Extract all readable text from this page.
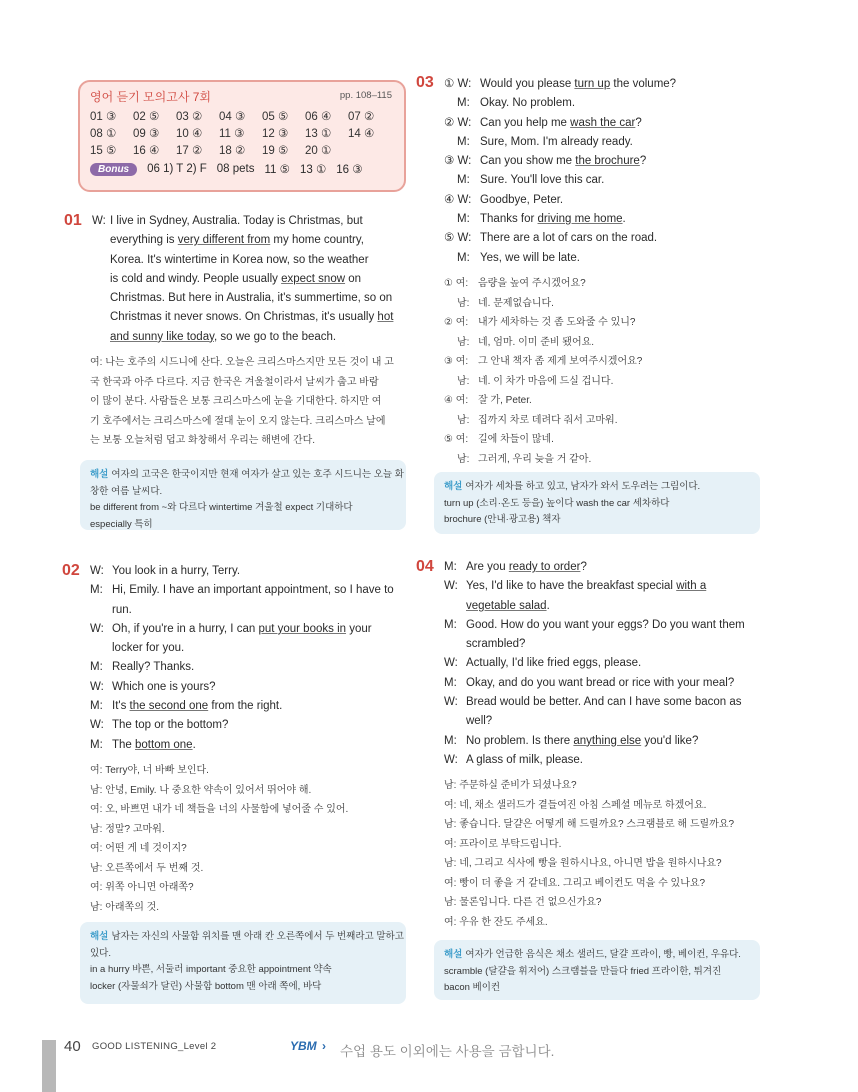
영어 듣기 모의고사 7회	pp. 108–115
01 ③	02 ⑤	03 ②	04 ③	05 ⑤	06 ④	07 ②
08 ①	09 ③	10 ④	11 ③	12 ③	13 ①	14 ④
15 ⑤	16 ④	17 ②	18 ②	19 ⑤	20 ①
Bonus	06 1) T 2) F 08 pets 11 ⑤ 13 ① 16 ③
01 W: I live in Sydney, Australia. Today is Christmas, but
everything is very different from my home country,
Korea. It's wintertime in Korea now, so the weather
is cold and windy. People usually expect snow on
Christmas. But here in Australia, it's summertime, so on
Christmas it never snows. On Christmas, it's usually hot
and sunny like today, so we go to the beach.
여: 나는 호주의 시드니에 산다. 오늘은 크리스마스지만 모든 것이 내 고
국 한국과 아주 다르다. 지금 한국은 겨울철이라서 날씨가 춥고 바람
이 많이 분다. 사람들은 보통 크리스마스에 눈을 기대한다. 하지만 여
기 호주에서는 크리스마스에 절대 눈이 오지 않는다. 크리스마스 날에
는 보통 오늘처럼 덥고 화창해서 우리는 해변에 간다.
해설 여자의 고국은 한국이지만 현재 여자가 살고 있는 호주 시드니는 오늘 화
창한 여름 날씨다.
be different from ~와 다르다 wintertime 겨울철 expect 기대하다
especially 특히
02 W: You look in a hurry, Terry.
M: Hi, Emily. I have an important appointment, so I have to
run.
W: Oh, if you're in a hurry, I can put your books in your
locker for you.
M: Really? Thanks.
W: Which one is yours?
M: It's the second one from the right.
W: The top or the bottom?
M: The bottom one.
여: Terry야, 너 바빠 보인다.
남: 안녕, Emily. 나 중요한 약속이 있어서 뛰어야 해.
여: 오, 바쁘면 내가 네 책들을 너의 사물함에 넣어줄 수 있어.
남: 정말? 고마워.
여: 어떤 게 네 것이지?
남: 오른쪽에서 두 번째 것.
여: 위쪽 아니면 아래쪽?
남: 아래쪽의 것.
해설 남자는 자신의 사물함 위치를 맨 아래 칸 오른쪽에서 두 번째라고 말하고
있다.
in a hurry 바쁜, 서둘러 important 중요한 appointment 약속
locker (자물쇠가 달린) 사물함 bottom 맨 아래 쪽에, 바닥
03 ① W: Would you please turn up the volume?
M: Okay. No problem.
② W: Can you help me wash the car?
M: Sure, Mom. I'm already ready.
③ W: Can you show me the brochure?
M: Sure. You'll love this car.
④ W: Goodbye, Peter.
M: Thanks for driving me home.
⑤ W: There are a lot of cars on the road.
M: Yes, we will be late.
① 여: 음량을 높여 주시겠어요?
남: 네. 문제없습니다.
② 여: 내가 세차하는 것 좀 도와줄 수 있니?
남: 네, 엄마. 이미 준비 됐어요.
③ 여: 그 안내 책자 좀 제게 보여주시겠어요?
남: 네. 이 차가 마음에 드실 겁니다.
④ 여: 잘 가, Peter.
남: 집까지 차로 데려다 줘서 고마워.
⑤ 여: 길에 차들이 많네.
남: 그러게, 우리 늦을 거 같아.
해설 여자가 세차를 하고 있고, 남자가 와서 도우려는 그림이다.
turn up (소리·온도 등을) 높이다 wash the car 세차하다
brochure (안내·광고용) 책자
04 M: Are you ready to order?
W: Yes, I'd like to have the breakfast special with a
vegetable salad.
M: Good. How do you want your eggs? Do you want them
scrambled?
W: Actually, I'd like fried eggs, please.
M: Okay, and do you want bread or rice with your meal?
W: Bread would be better. And can I have some bacon as
well?
M: No problem. Is there anything else you'd like?
W: A glass of milk, please.
남: 주문하실 준비가 되셨나요?
여: 네, 채소 샐러드가 곁들여진 아침 스페셜 메뉴로 하겠어요.
남: 좋습니다. 달걀은 어떻게 해 드릴까요? 스크램블로 해 드릴까요?
여: 프라이로 부탁드립니다.
남: 네, 그리고 식사에 빵을 원하시나요, 아니면 밥을 원하시나요?
여: 빵이 더 좋을 거 같네요. 그리고 베이컨도 먹을 수 있나요?
남: 물론입니다. 다른 건 없으신가요?
여: 우유 한 잔도 주세요.
해설 여자가 언급한 음식은 채소 샐러드, 달걀 프라이, 빵, 베이컨, 우유다.
scramble (달걀을 휘저어) 스크램블을 만들다 fried 프라이한, 튀겨진
bacon 베이컨
40 GOOD LISTENING_Level 2	YBM › 수업 용도 이외에는 사용을 금합니다.
